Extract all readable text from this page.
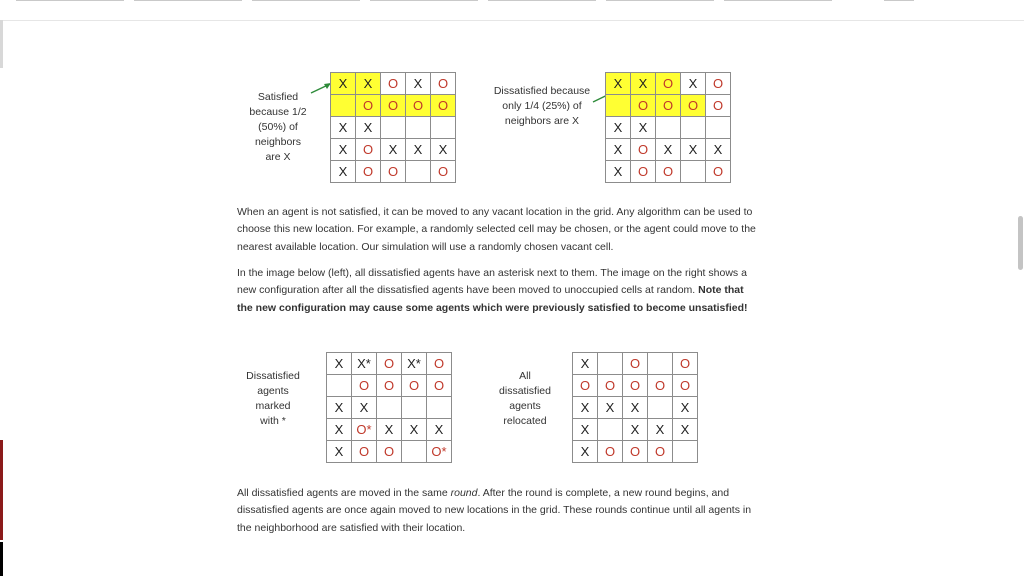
Satisfied
because 1/2
(50%) of
neighbors
are X
X	X	O	X	O
	O	O	O	O
X	X			
X	O	X	X	X
X	O	O		O
Dissatisfied because
only 1/4 (25%) of
neighbors are X
X	X	O	X	O
	O	O	O	O
X	X			
X	O	X	X	X
X	O	O		O

When an agent is not satisfied, it can be moved to any vacant location in the grid. Any algorithm can be used to choose this new location. For example, a randomly selected cell may be chosen, or the agent could move to the nearest available location. Our simulation will use a randomly chosen vacant cell.

In the image below (left), all dissatisfied agents have an asterisk next to them. The image on the right shows a new configuration after all the dissatisfied agents have been moved to unoccupied cells at random. Note that the new configuration may cause some agents which were previously satisfied to become unsatisfied!

Dissatisfied
agents
marked
with *
X	X*	O	X*	O
	O	O	O	O
X	X			
X	O*	X	X	X
X	O	O		O*
All
dissatisfied
agents
relocated
X		O		O
O	O	O	O	O
X	X	X		X
X		X	X	X
X	O	O	O	

All dissatisfied agents are moved in the same round. After the round is complete, a new round begins, and dissatisfied agents are once again moved to new locations in the grid. These rounds continue until all agents in the neighborhood are satisfied with their location.
